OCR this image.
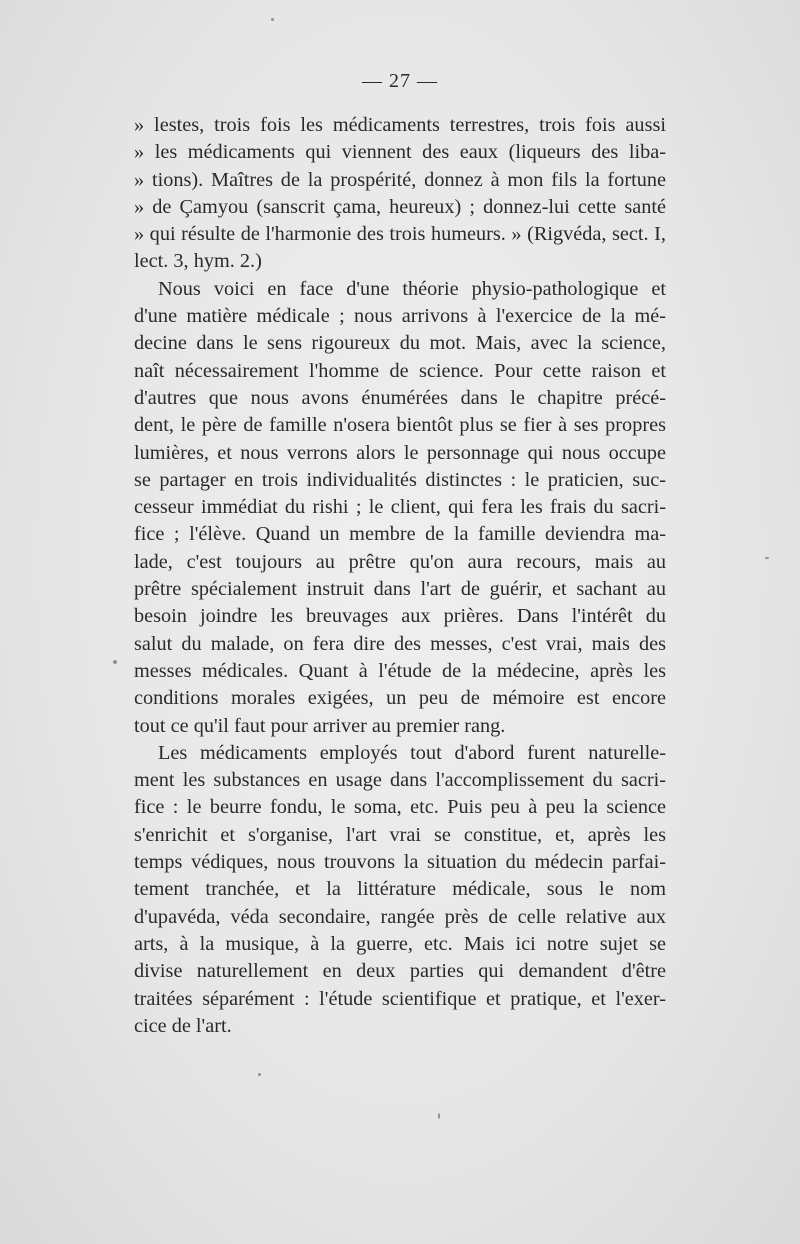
— 27 —
» lestes, trois fois les médicaments terrestres, trois fois aussi
» les médicaments qui viennent des eaux (liqueurs des liba-
» tions). Maîtres de la prospérité, donnez à mon fils la fortune
» de Çamyou (sanscrit çama, heureux) ; donnez-lui cette santé
» qui résulte de l'harmonie des trois humeurs. » (Rigvéda, sect. I,
lect. 3, hym. 2.)
Nous voici en face d'une théorie physio-pathologique et
d'une matière médicale ; nous arrivons à l'exercice de la mé-
decine dans le sens rigoureux du mot. Mais, avec la science,
naît nécessairement l'homme de science. Pour cette raison et
d'autres que nous avons énumérées dans le chapitre précé-
dent, le père de famille n'osera bientôt plus se fier à ses propres
lumières, et nous verrons alors le personnage qui nous occupe
se partager en trois individualités distinctes : le praticien, suc-
cesseur immédiat du rishi ; le client, qui fera les frais du sacri-
fice ; l'élève. Quand un membre de la famille deviendra ma-
lade, c'est toujours au prêtre qu'on aura recours, mais au
prêtre spécialement instruit dans l'art de guérir, et sachant au
besoin joindre les breuvages aux prières. Dans l'intérêt du
salut du malade, on fera dire des messes, c'est vrai, mais des
messes médicales. Quant à l'étude de la médecine, après les
conditions morales exigées, un peu de mémoire est encore
tout ce qu'il faut pour arriver au premier rang.
Les médicaments employés tout d'abord furent naturelle-
ment les substances en usage dans l'accomplissement du sacri-
fice : le beurre fondu, le soma, etc. Puis peu à peu la science
s'enrichit et s'organise, l'art vrai se constitue, et, après les
temps védiques, nous trouvons la situation du médecin parfai-
tement tranchée, et la littérature médicale, sous le nom
d'upavéda, véda secondaire, rangée près de celle relative aux
arts, à la musique, à la guerre, etc. Mais ici notre sujet se
divise naturellement en deux parties qui demandent d'être
traitées séparément : l'étude scientifique et pratique, et l'exer-
cice de l'art.
